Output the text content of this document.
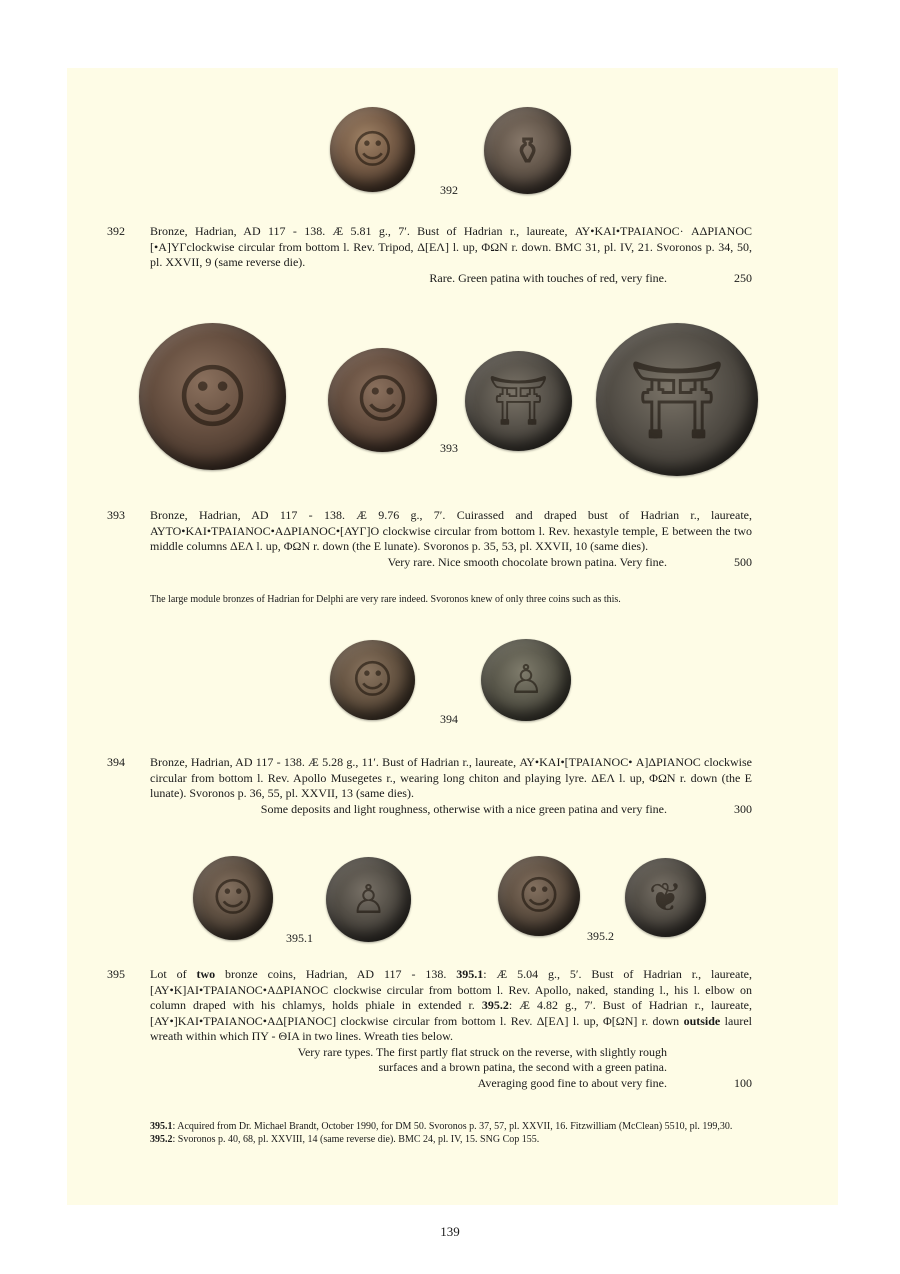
☺	⚱
392
392	Bronze, Hadrian, AD 117 - 138. Æ 5.81 g., 7′. Bust of Hadrian r., laureate, ΑΥ•ΚΑΙ•ΤΡΑΙΑΝΟC· ΑΔΡΙΑΝΟC [•Α]ΥΓclockwise circular from bottom l. Rev. Tripod, Δ[ΕΛ] l. up, ΦΩΝ r. down. BMC 31, pl. IV, 21. Svoronos p. 34, 50, pl. XXVII, 9 (same reverse die).
Rare. Green patina with touches of red, very fine.	250
☺ ☺ ⛩ ⛩
393
393	Bronze, Hadrian, AD 117 - 138. Æ 9.76 g., 7′. Cuirassed and draped bust of Hadrian r., laureate, ΑΥΤΟ•ΚΑΙ•ΤΡΑΙΑΝΟC•ΑΔΡΙΑΝΟC•[ΑΥΓ]Ο clockwise circular from bottom l. Rev. hexastyle temple, E between the two middle columns ΔΕΛ l. up, ΦΩΝ r. down (the E lunate). Svoronos p. 35, 53, pl. XXVII, 10 (same dies).
Very rare. Nice smooth chocolate brown patina. Very fine.	500
The large module bronzes of Hadrian for Delphi are very rare indeed. Svoronos knew of only three coins such as this.
☺	♙
394
394	Bronze, Hadrian, AD 117 - 138. Æ 5.28 g., 11′. Bust of Hadrian r., laureate, ΑΥ•ΚΑΙ•[ΤΡΑΙΑΝΟC• Α]ΔΡΙΑΝΟC clockwise circular from bottom l. Rev. Apollo Musegetes r., wearing long chiton and playing lyre. ΔΕΛ l. up, ΦΩΝ r. down (the E lunate). Svoronos p. 36, 55, pl. XXVII, 13 (same dies).
Some deposits and light roughness, otherwise with a nice green patina and very fine.	300
☺ ♙
395.1
☺ ❦
395.2
395	Lot of two bronze coins, Hadrian, AD 117 - 138. 395.1: Æ 5.04 g., 5′. Bust of Hadrian r., laureate, [ΑΥ•Κ]ΑΙ•ΤΡΑΙΑΝΟC•ΑΔΡΙΑΝΟC clockwise circular from bottom l. Rev. Apollo, naked, standing l., his l. elbow on column draped with his chlamys, holds phiale in extended r. 395.2: Æ 4.82 g., 7′. Bust of Hadrian r., laureate, [ΑΥ•]ΚΑΙ•ΤΡΑΙΑΝΟC•ΑΔ[ΡΙΑΝΟC] clockwise circular from bottom l. Rev. Δ[ΕΛ] l. up, Φ[ΩΝ] r. down outside laurel wreath within which ΠΥ - ΘΙΑ in two lines. Wreath ties below.
Very rare types. The first partly flat struck on the reverse, with slightly rough
surfaces and a brown patina, the second with a green patina.
Averaging good fine to about very fine.	100
395.1: Acquired from Dr. Michael Brandt, October 1990, for DM 50. Svoronos p. 37, 57, pl. XXVII, 16. Fitzwilliam (McClean) 5510, pl. 199,30.
395.2: Svoronos p. 40, 68, pl. XXVIII, 14 (same reverse die). BMC 24, pl. IV, 15. SNG Cop 155.
139
